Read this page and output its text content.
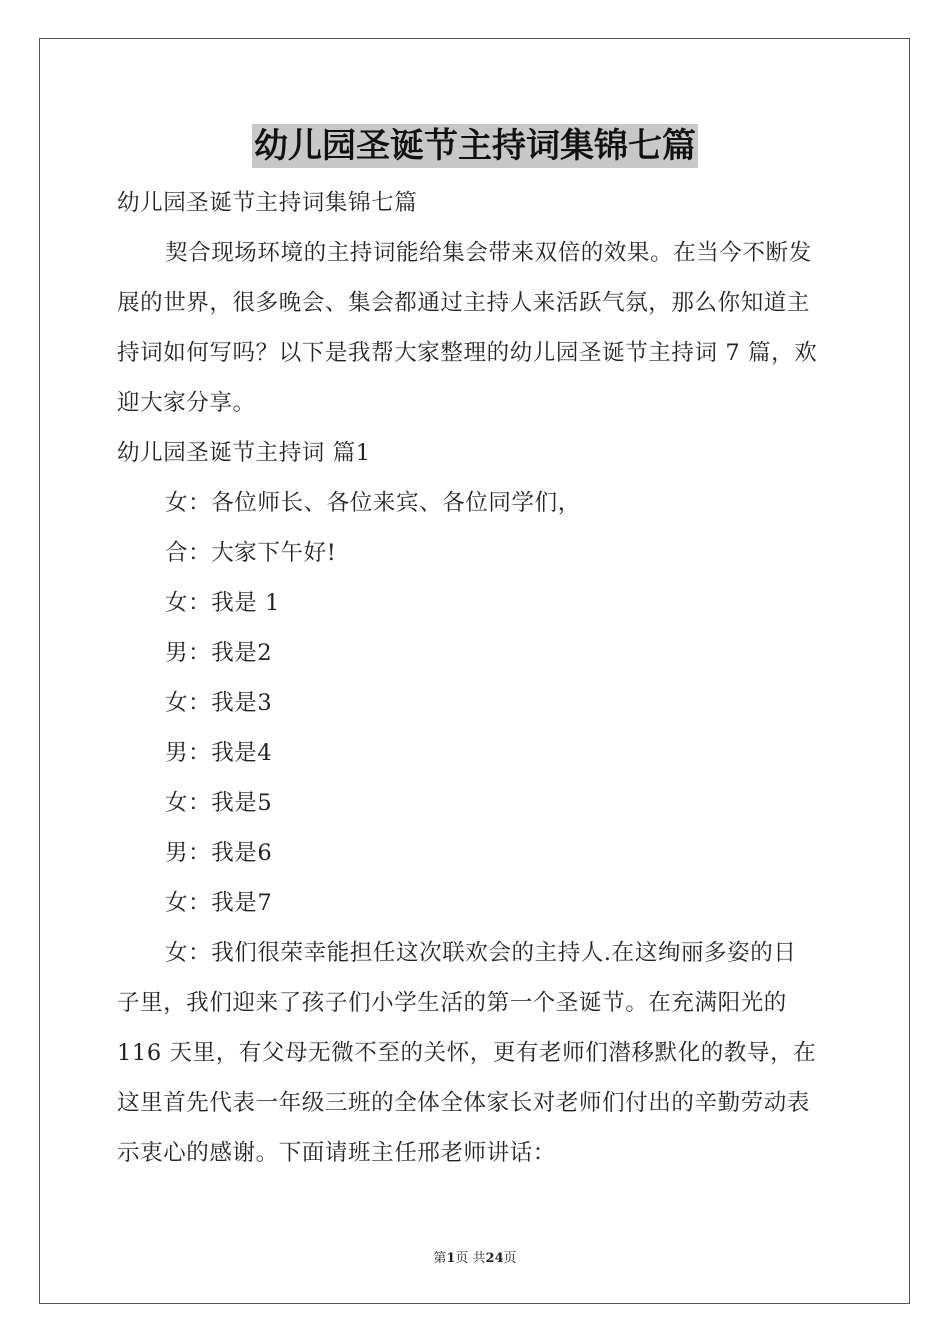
幼儿园圣诞节主持词集锦七篇
幼儿园圣诞节主持词集锦七篇
契合现场环境的主持词能给集会带来双倍的效果。在当今不断发
展的世界，很多晚会、集会都通过主持人来活跃气氛，那么你知道主
持词如何写吗？以下是我帮大家整理的幼儿园圣诞节主持词 7 篇，欢
迎大家分享。
幼儿园圣诞节主持词 篇1
女：各位师长、各位来宾、各位同学们，
合：大家下午好!
女：我是 1
男：我是2
女：我是3
男：我是4
女：我是5
男：我是6
女：我是7
女：我们很荣幸能担任这次联欢会的主持人.在这绚丽多姿的日
子里，我们迎来了孩子们小学生活的第一个圣诞节。在充满阳光的
116 天里，有父母无微不至的关怀，更有老师们潜移默化的教导，在
这里首先代表一年级三班的全体全体家长对老师们付出的辛勤劳动表
示衷心的感谢。下面请班主任邢老师讲话：
第1页 共24页
